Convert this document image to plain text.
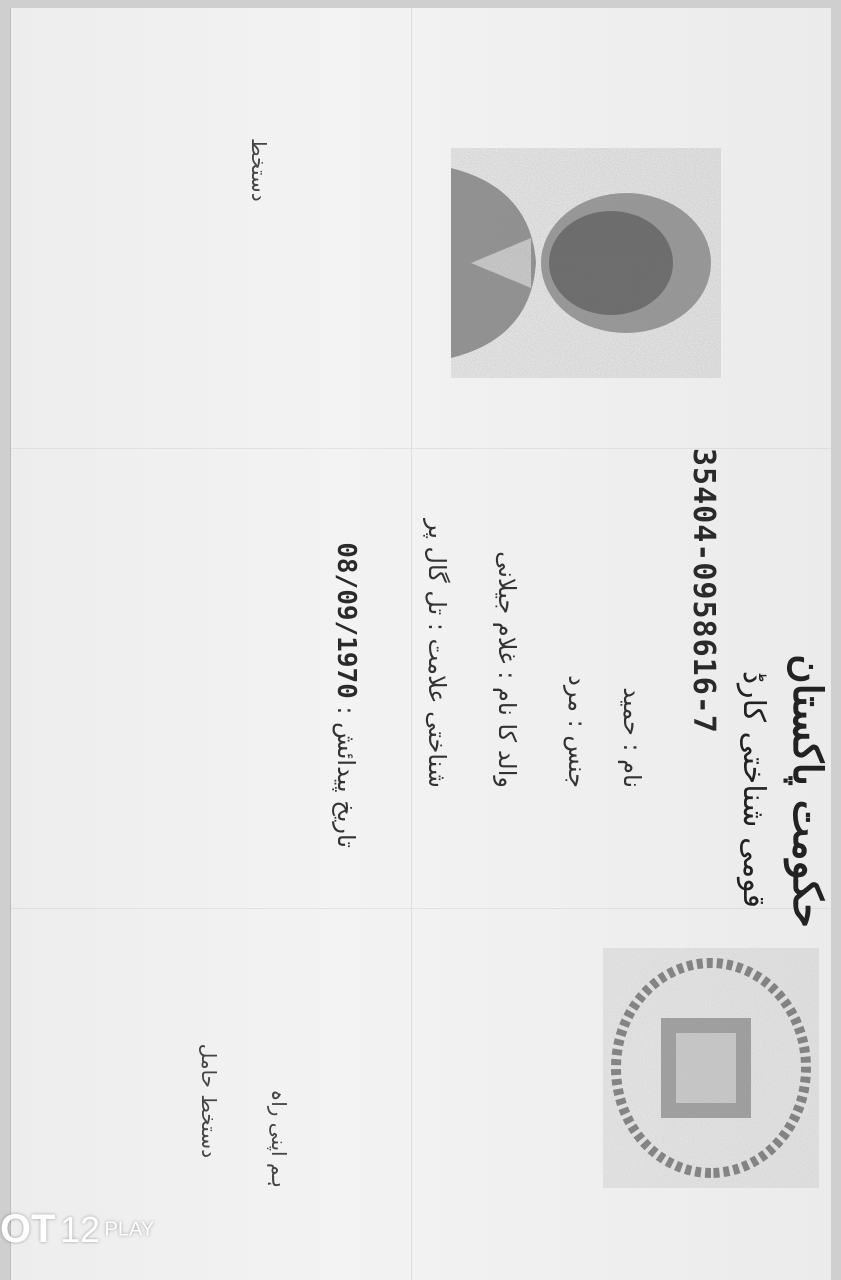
حکومت پاکستان
قومی شناختی کارڈ
35404-0958616-7
نام : حمید
جنس : مرد
والد کا نام : غلام جیلانی
شناختی علامت : تل گال پر
تاریخ پیدائش : 08/09/1970
دستخط
ہم اپنی راہ
دستخط حامل
OT 12 PLAY
